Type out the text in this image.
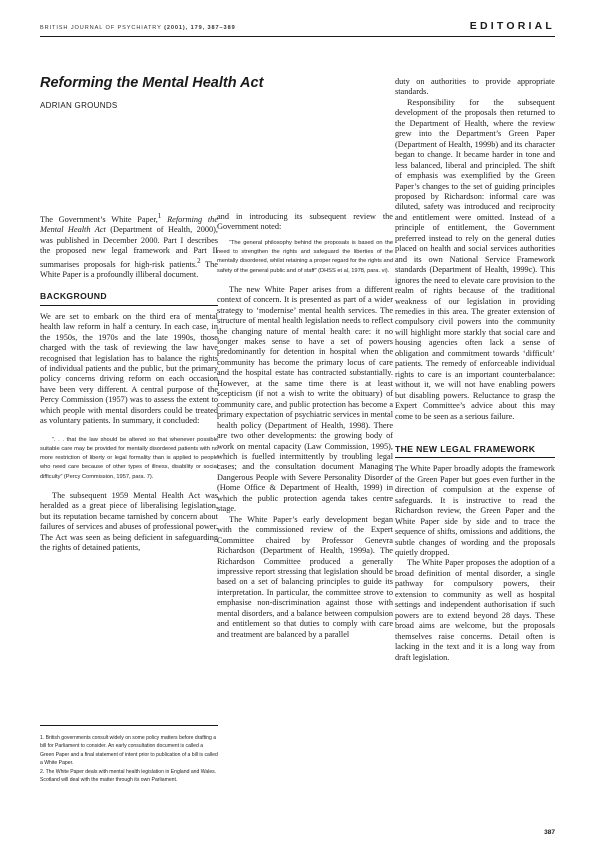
BRITISH JOURNAL OF PSYCHIATRY (2001), 179, 387–389	EDITORIAL
Reforming the Mental Health Act
ADRIAN GROUNDS

The Government’s White Paper,$^1$ Reforming the Mental Health Act (Department of Health, 2000), was published in December 2000. Part I describes the proposed new legal framework and Part II summarises proposals for high-risk patients.$^2$ The White Paper is a profoundly illiberal document.

BACKGROUND

We are set to embark on the third era of mental health law reform in half a century. In each case, in the 1950s, the 1970s and the late 1990s, those charged with the task of reviewing the law have recognised that legislation has to balance the rights of individual patients and the public, but the primary policy concerns driving reform on each occasion have been very different. A central purpose of the Percy Commission (1957) was to assess the extent to which people with mental disorders could be treated as voluntary patients. In summary, it concluded:

“. . . that the law should be altered so that whenever possible suitable care may be provided for mentally disordered patients with no more restriction of liberty or legal formality than is applied to people who need care because of other types of illness, disability or social difficulty” (Percy Commission, 1957, para. 7).

The subsequent 1959 Mental Health Act was heralded as a great piece of liberalising legislation, but its reputation became tarnished by concern about failures of services and abuses of professional power. The Act was seen as being deficient in safeguarding the rights of detained patients,

1. British governments consult widely on some policy matters before drafting a bill for Parliament to consider. An early consultation document is called a Green Paper and a final statement of intent prior to publication of a bill is called a White Paper.

2. The White Paper deals with mental health legislation in England and Wales. Scotland will deal with the matter through its own Parliament.

and in introducing its subsequent review the Government noted:

“The general philosophy behind the proposals is based on the need to strengthen the rights and safeguard the liberties of the mentally disordered, whilst retaining a proper regard for the rights and safety of the general public and of staff” (DHSS et al, 1978, para. vi).

The new White Paper arises from a different context of concern. It is presented as part of a wider strategy to ‘modernise’ mental health services. The structure of mental health legislation needs to reflect the changing nature of mental health care: it no longer makes sense to have a set of powers predominantly for detention in hospital when the community has become the primary locus of care and the hospital estate has contracted substantially. However, at the same time there is at least scepticism (if not a wish to write the obituary) of community care, and public protection has become a primary expectation of psychiatric services in mental health policy (Department of Health, 1998). There are two other developments: the growing body of work on mental capacity (Law Commission, 1995), which is fuelled intermittently by troubling legal cases; and the consultation document Managing Dangerous People with Severe Personality Disorder (Home Office & Department of Health, 1999) in which the public protection agenda takes centre stage.

The White Paper’s early development began with the commissioned review of the Expert Committee chaired by Professor Genevra Richardson (Department of Health, 1999a). The Richardson Committee produced a generally impressive report stressing that legislation should be based on a set of balancing principles to guide its interpretation. In particular, the committee strove to emphasise non-discrimination against those with mental disorders, and a balance between compulsion and entitlement so that duties to comply with care and treatment are balanced by a parallel

duty on authorities to provide appropriate standards.

Responsibility for the subsequent development of the proposals then returned to the Department of Health, where the review grew into the Department’s Green Paper (Department of Health, 1999b) and its character began to change. It became harder in tone and less balanced, liberal and principled. The shift of emphasis was exemplified by the Green Paper’s changes to the set of guiding principles proposed by Richardson: informal care was diluted, safety was introduced and reciprocity and entitlement were omitted. Instead of a principle of entitlement, the Government preferred instead to rely on the general duties placed on health and social services authorities and its own National Service Framework standards (Department of Health, 1999c). This ignores the need to elevate care provision to the realm of rights because of the traditional weakness of our legislation in providing remedies in this area. The greater extension of compulsory civil powers into the community will highlight more starkly that social care and housing agencies often lack a sense of obligation and commitment towards ‘difficult’ patients. The remedy of enforceable individual rights to care is an important counterbalance: without it, we will not have enabling powers but disabling powers. Reluctance to grasp the Expert Committee’s advice about this may come to be seen as a serious failure.

THE NEW LEGAL FRAMEWORK

The White Paper broadly adopts the framework of the Green Paper but goes even further in the direction of compulsion at the expense of safeguards. It is instructive to read the Richardson review, the Green Paper and the White Paper side by side and to trace the sequence of shifts, omissions and additions, the subtle changes of wording and the proposals quietly dropped.

The White Paper proposes the adoption of a broad definition of mental disorder, a single pathway for compulsory powers, their extension to community as well as hospital settings and independent authorisation if such powers are to extend beyond 28 days. These broad aims are welcome, but the proposals themselves raise concerns. Detail often is lacking in the text and it is a long way from draft legislation.

387
